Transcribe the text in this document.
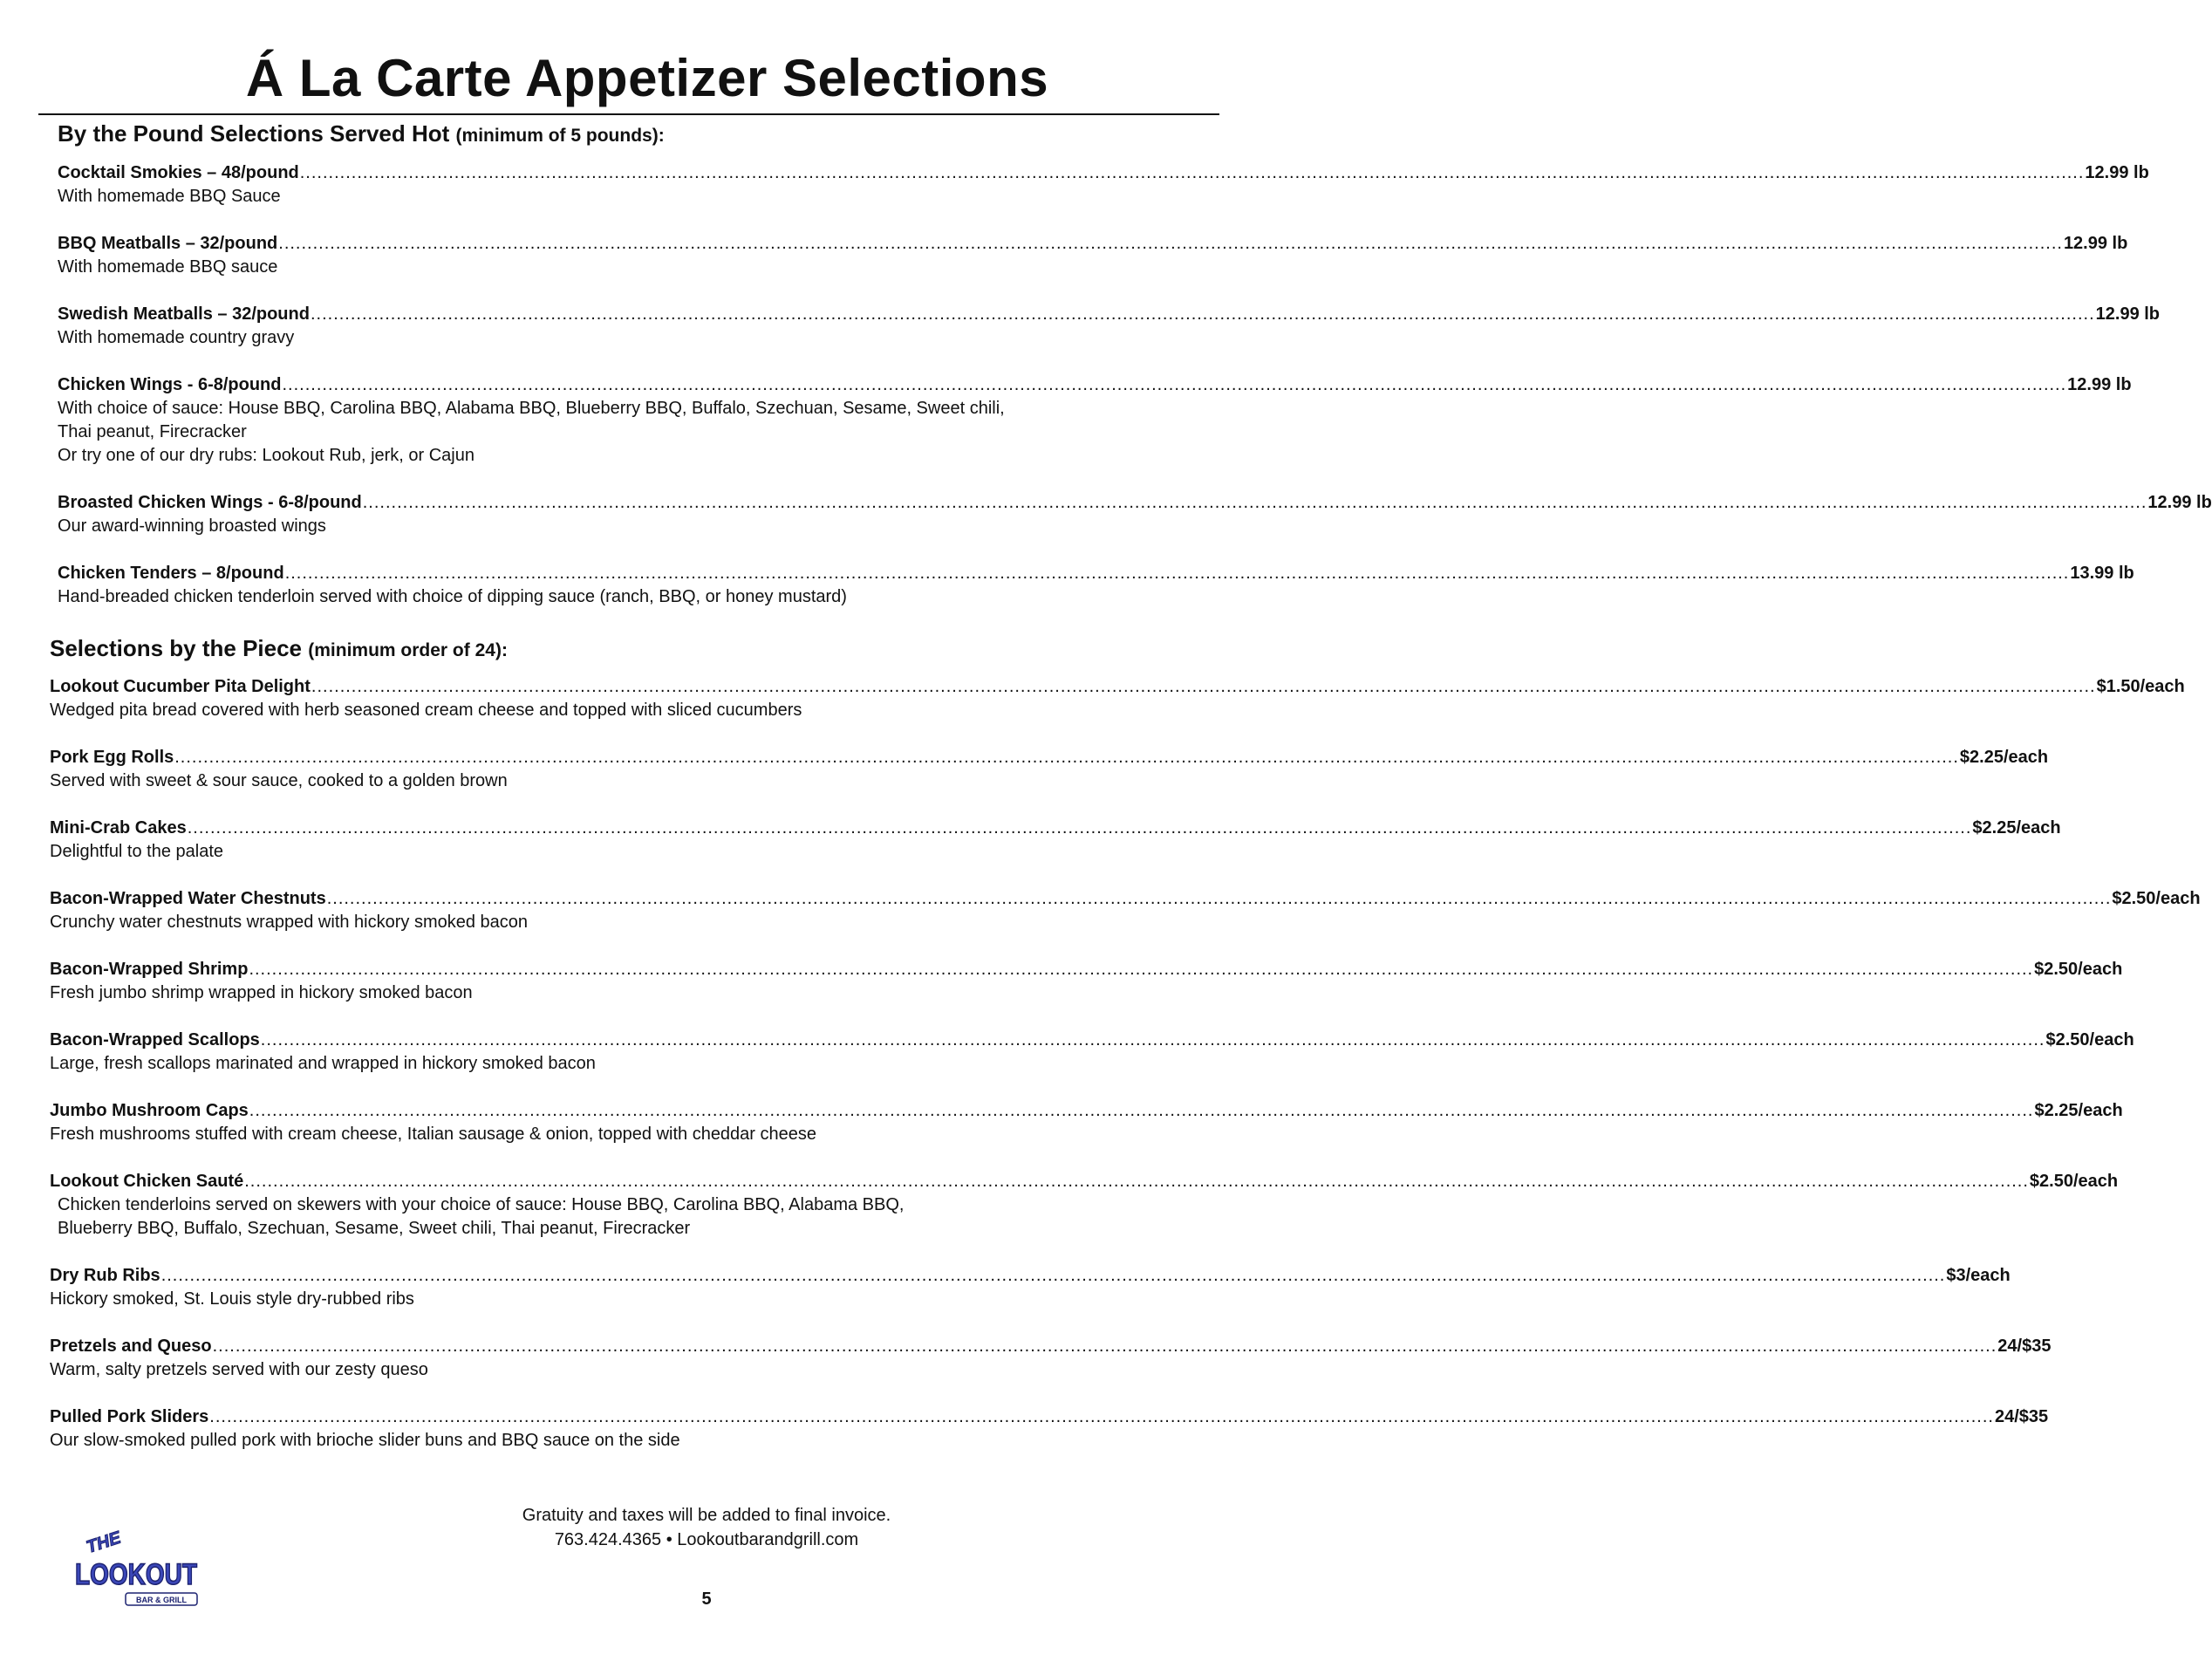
Á La Carte Appetizer Selections

By the Pound Selections Served Hot (minimum of 5 pounds):

Cocktail Smokies – 48/pound .....	12.99 lb

With homemade BBQ Sauce

BBQ Meatballs – 32/pound .....	12.99 lb

With homemade BBQ sauce

Swedish Meatballs – 32/pound .....	12.99 lb

With homemade country gravy

Chicken Wings - 6-8/pound .....	12.99 lb

With choice of sauce: House BBQ, Carolina BBQ, Alabama BBQ, Blueberry BBQ, Buffalo, Szechuan, Sesame, Sweet chili,

Thai peanut, Firecracker

Or try one of our dry rubs: Lookout Rub, jerk, or Cajun

Broasted Chicken Wings - 6-8/pound .....	12.99 lb

Our award-winning broasted wings

Chicken Tenders – 8/pound .....	13.99 lb

Hand-breaded chicken tenderloin served with choice of dipping sauce (ranch, BBQ, or honey mustard)

Selections by the Piece (minimum order of 24):

Lookout Cucumber Pita Delight .....	$1.50/each

Wedged pita bread covered with herb seasoned cream cheese and topped with sliced cucumbers

Pork Egg Rolls .....	$2.25/each

Served with sweet & sour sauce, cooked to a golden brown

Mini-Crab Cakes .....	$2.25/each

Delightful to the palate

Bacon-Wrapped Water Chestnuts .....	$2.50/each

Crunchy water chestnuts wrapped with hickory smoked bacon

Bacon-Wrapped Shrimp .....	$2.50/each

Fresh jumbo shrimp wrapped in hickory smoked bacon

Bacon-Wrapped Scallops .....	$2.50/each

Large, fresh scallops marinated and wrapped in hickory smoked bacon

Jumbo Mushroom Caps .....	$2.25/each

Fresh mushrooms stuffed with cream cheese, Italian sausage & onion, topped with cheddar cheese

Lookout Chicken Sauté .....	$2.50/each

Chicken tenderloins served on skewers with your choice of sauce: House BBQ, Carolina BBQ, Alabama BBQ,

Blueberry BBQ, Buffalo, Szechuan, Sesame, Sweet chili, Thai peanut, Firecracker

Dry Rub Ribs .....	$3/each

Hickory smoked, St. Louis style dry-rubbed ribs

Pretzels and Queso .....	24/$35

Warm, salty pretzels served with our zesty queso

Pulled Pork Sliders .....	24/$35

Our slow-smoked pulled pork with brioche slider buns and BBQ sauce on the side

THE
LOOKOUT
BAR & GRILL
Gratuity and taxes will be added to final invoice.
763.424.4365 • Lookoutbarandgrill.com
5
